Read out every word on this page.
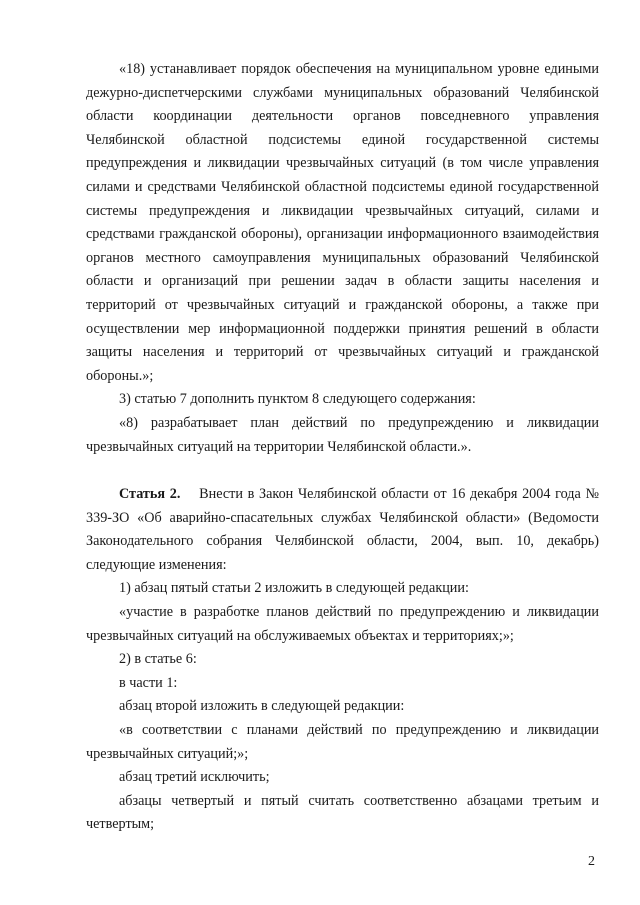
«18) устанавливает порядок обеспечения на муниципальном уровне едиными дежурно-диспетчерскими службами муниципальных образований Челябинской области координации деятельности органов повседневного управления Челябинской областной подсистемы единой государственной системы предупреждения и ликвидации чрезвычайных ситуаций (в том числе управления силами и средствами Челябинской областной подсистемы единой государственной системы предупреждения и ликвидации чрезвычайных ситуаций, силами и средствами гражданской обороны), организации информационного взаимодействия органов местного самоуправления муниципальных образований Челябинской области и организаций при решении задач в области защиты населения и территорий от чрезвычайных ситуаций и гражданской обороны, а также при осуществлении мер информационной поддержки принятия решений в области защиты населения и территорий от чрезвычайных ситуаций и гражданской обороны.»;

3) статью 7 дополнить пунктом 8 следующего содержания:

«8) разрабатывает план действий по предупреждению и ликвидации чрезвычайных ситуаций на территории Челябинской области.».

Статья 2. Внести в Закон Челябинской области от 16 декабря 2004 года № 339-ЗО «Об аварийно-спасательных службах Челябинской области» (Ведомости Законодательного собрания Челябинской области, 2004, вып. 10, декабрь) следующие изменения:

1) абзац пятый статьи 2 изложить в следующей редакции:

«участие в разработке планов действий по предупреждению и ликвидации чрезвычайных ситуаций на обслуживаемых объектах и территориях;»;

2) в статье 6:

в части 1:

абзац второй изложить в следующей редакции:

«в соответствии с планами действий по предупреждению и ликвидации чрезвычайных ситуаций;»;

абзац третий исключить;

абзацы четвертый и пятый считать соответственно абзацами третьим и четвертым;

2
